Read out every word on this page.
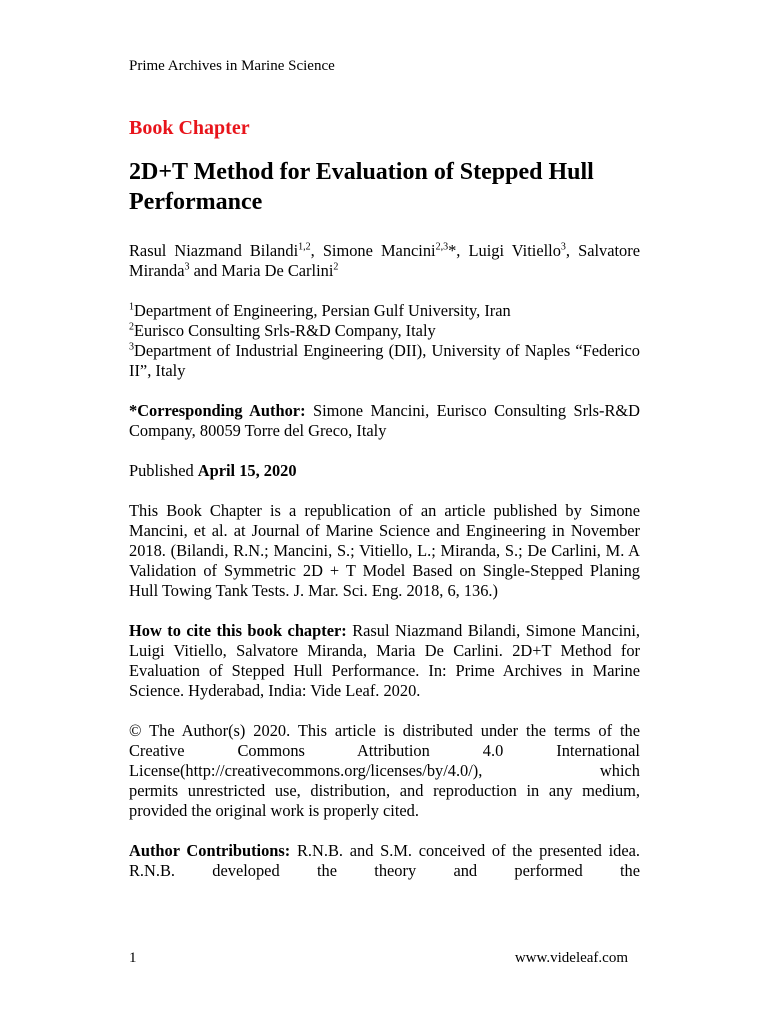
Prime Archives in Marine Science
Book Chapter
2D+T Method for Evaluation of Stepped Hull Performance
Rasul Niazmand Bilandi$^{1,2}$, Simone Mancini$^{2,3}$*, Luigi Vitiello$^3$, Salvatore Miranda$^3$ and Maria De Carlini$^2$
$^1$Department of Engineering, Persian Gulf University, Iran
$^2$Eurisco Consulting Srls-R&D Company, Italy
$^3$Department of Industrial Engineering (DII), University of Naples “Federico II”, Italy
*Corresponding Author: Simone Mancini, Eurisco Consulting Srls-R&D Company, 80059 Torre del Greco, Italy
Published April 15, 2020
This Book Chapter is a republication of an article published by Simone Mancini, et al. at Journal of Marine Science and Engineering in November 2018. (Bilandi, R.N.; Mancini, S.; Vitiello, L.; Miranda, S.; De Carlini, M. A Validation of Symmetric 2D + T Model Based on Single-Stepped Planing Hull Towing Tank Tests. J. Mar. Sci. Eng. 2018, 6, 136.)
How to cite this book chapter: Rasul Niazmand Bilandi, Simone Mancini, Luigi Vitiello, Salvatore Miranda, Maria De Carlini. 2D+T Method for Evaluation of Stepped Hull Performance. In: Prime Archives in Marine Science. Hyderabad, India: Vide Leaf. 2020.
© The Author(s) 2020. This article is distributed under the terms of the Creative Commons Attribution 4.0 International License(http://creativecommons.org/licenses/by/4.0/), which
permits unrestricted use, distribution, and reproduction in any medium, provided the original work is properly cited.
Author Contributions: R.N.B. and S.M. conceived of the presented idea. R.N.B. developed the theory and performed the
1	www.videleaf.com
